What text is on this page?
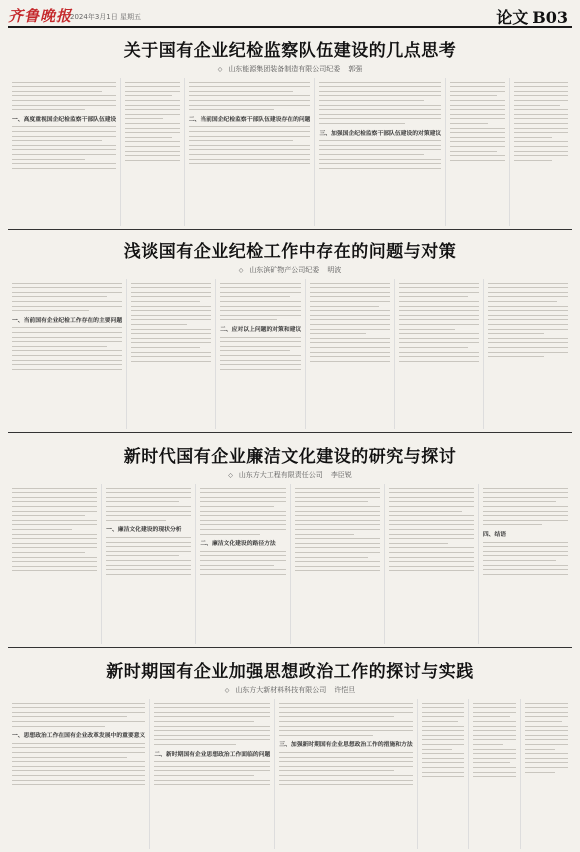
齐鲁晚报
2024年3月1日 星期五	论文 B03
关于国有企业纪检监察队伍建设的几点思考
◇ 山东能源集团装备制造有限公司纪委 郭强
一、高度重视国企纪检监察干部队伍建设	二、当前国企纪检监察干部队伍建设存在的问题
三、加强国企纪检监察干部队伍建设的对策建议
浅谈国有企业纪检工作中存在的问题与对策
◇ 山东滨矿物产公司纪委 明波
一、当前国有企业纪检工作存在的主要问题
二、应对以上问题的对策和建议
新时代国有企业廉洁文化建设的研究与探讨
◇ 山东方大工程有限责任公司 李臣锐
一、廉洁文化建设的现状分析
二、廉洁文化建设的路径方法
四、结语
新时期国有企业加强思想政治工作的探讨与实践
◇ 山东方大新材料科技有限公司 许恺旦
一、思想政治工作在国有企业改革发展中的重要意义
二、新时期国有企业思想政治工作面临的问题
三、加强新时期国有企业思想政治工作的措施和方法
